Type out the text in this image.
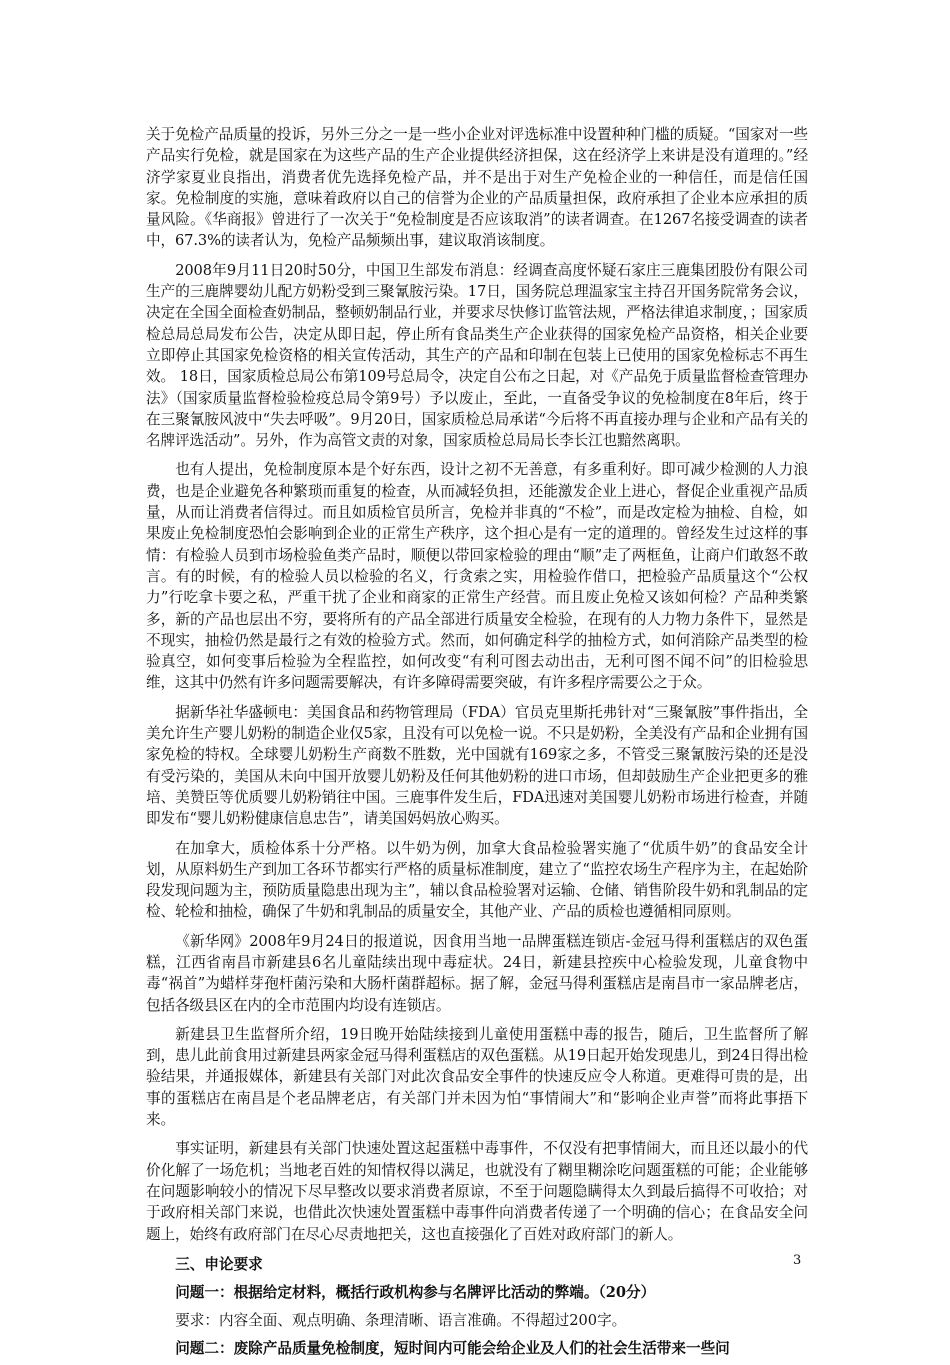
关于免检产品质量的投诉，另外三分之一是一些小企业对评选标准中设置种种门槛的质疑。“国家对一些产品实行免检，就是国家在为这些产品的生产企业提供经济担保，这在经济学上来讲是没有道理的。”经济学家夏业良指出，消费者优先选择免检产品，并不是出于对生产免检企业的一种信任，而是信任国家。免检制度的实施，意味着政府以自己的信誉为企业的产品质量担保，政府承担了企业本应承担的质量风险。《华商报》曾进行了一次关于“免检制度是否应该取消”的读者调查。在1267名接受调查的读者中，67.3%的读者认为，免检产品频频出事，建议取消该制度。

2008年9月11日20时50分，中国卫生部发布消息：经调查高度怀疑石家庄三鹿集团股份有限公司生产的三鹿牌婴幼儿配方奶粉受到三聚氰胺污染。17日，国务院总理温家宝主持召开国务院常务会议，决定在全国全面检查奶制品，整顿奶制品行业，并要求尽快修订监管法规，严格法律追求制度，；国家质检总局总局发布公告，决定从即日起，停止所有食品类生产企业获得的国家免检产品资格，相关企业要立即停止其国家免检资格的相关宣传活动，其生产的产品和印制在包装上已使用的国家免检标志不再生效。 18日，国家质检总局公布第109号总局令，决定自公布之日起，对《产品免于质量监督检查管理办法》（国家质量监督检验检疫总局令第9号）予以废止，至此，一直备受争议的免检制度在8年后，终于在三聚氰胺风波中“失去呼吸”。9月20日，国家质检总局承诺“今后将不再直接办理与企业和产品有关的名牌评选活动”。另外，作为高管文责的对象，国家质检总局局长李长江也黯然离职。

也有人提出，免检制度原本是个好东西，设计之初不无善意，有多重利好。即可减少检测的人力浪费，也是企业避免各种繁琐而重复的检查，从而减轻负担，还能激发企业上进心，督促企业重视产品质量，从而让消费者信得过。而且如质检官员所言，免检并非真的“不检”，而是改定检为抽检、自检，如果废止免检制度恐怕会影响到企业的正常生产秩序，这个担心是有一定的道理的。曾经发生过这样的事情：有检验人员到市场检验鱼类产品时，顺便以带回家检验的理由“顺”走了两框鱼，让商户们敢怒不敢言。有的时候，有的检验人员以检验的名义，行贪索之实，用检验作借口，把检验产品质量这个“公权力”行吃拿卡要之私，严重干扰了企业和商家的正常生产经营。而且废止免检又该如何检？产品种类繁多，新的产品也层出不穷，要将所有的产品全部进行质量安全检验，在现有的人力物力条件下，显然是不现实，抽检仍然是最行之有效的检验方式。然而，如何确定科学的抽检方式，如何消除产品类型的检验真空，如何变事后检验为全程监控，如何改变“有利可图去动出击，无利可图不闻不问”的旧检验思维，这其中仍然有许多问题需要解决，有许多障碍需要突破，有许多程序需要公之于众。

据新华社华盛顿电：美国食品和药物管理局（FDA）官员克里斯托弗针对“三聚氰胺”事件指出，全美允许生产婴儿奶粉的制造企业仅5家，且没有可以免检一说。不只是奶粉，全美没有产品和企业拥有国家免检的特权。全球婴儿奶粉生产商数不胜数，光中国就有169家之多，不管受三聚氰胺污染的还是没有受污染的，美国从未向中国开放婴儿奶粉及任何其他奶粉的进口市场，但却鼓励生产企业把更多的雅培、美赞臣等优质婴儿奶粉销往中国。三鹿事件发生后，FDA迅速对美国婴儿奶粉市场进行检查，并随即发布“婴儿奶粉健康信息忠告”，请美国妈妈放心购买。

在加拿大，质检体系十分严格。以牛奶为例，加拿大食品检验署实施了“优质牛奶”的食品安全计划，从原料奶生产到加工各环节都实行严格的质量标准制度，建立了“监控农场生产程序为主，在起始阶段发现问题为主，预防质量隐患出现为主”，辅以食品检验署对运输、仓储、销售阶段牛奶和乳制品的定检、轮检和抽检，确保了牛奶和乳制品的质量安全，其他产业、产品的质检也遵循相同原则。

《新华网》2008年9月24日的报道说，因食用当地一品牌蛋糕连锁店-金冠马得利蛋糕店的双色蛋糕，江西省南昌市新建县6名儿童陆续出现中毒症状。24日，新建县控疾中心检验发现，儿童食物中毒“祸首”为蜡样芽孢杆菌污染和大肠杆菌群超标。据了解，金冠马得利蛋糕店是南昌市一家品牌老店，包括各级县区在内的全市范围内均设有连锁店。

新建县卫生监督所介绍，19日晚开始陆续接到儿童使用蛋糕中毒的报告，随后，卫生监督所了解到，患儿此前食用过新建县两家金冠马得利蛋糕店的双色蛋糕。从19日起开始发现患儿，到24日得出检验结果，并通报媒体，新建县有关部门对此次食品安全事件的快速反应令人称道。更难得可贵的是，出事的蛋糕店在南昌是个老品牌老店，有关部门并未因为怕“事情闹大”和“影响企业声誉”而将此事捂下来。

事实证明，新建县有关部门快速处置这起蛋糕中毒事件，不仅没有把事情闹大，而且还以最小的代价化解了一场危机；当地老百姓的知情权得以满足，也就没有了糊里糊涂吃问题蛋糕的可能；企业能够在问题影响较小的情况下尽早整改以要求消费者原谅，不至于问题隐瞒得太久到最后搞得不可收拾；对于政府相关部门来说，也借此次快速处置蛋糕中毒事件向消费者传递了一个明确的信心；在食品安全问题上，始终有政府部门在尽心尽责地把关，这也直接强化了百姓对政府部门的新人。

三、申论要求
问题一：根据给定材料，概括行政机构参与名牌评比活动的弊端。（20分）
要求：内容全面、观点明确、条理清晰、语言准确。不得超过200字。
问题二：废除产品质量免检制度，短时间内可能会给企业及人们的社会生活带来一些问
3
